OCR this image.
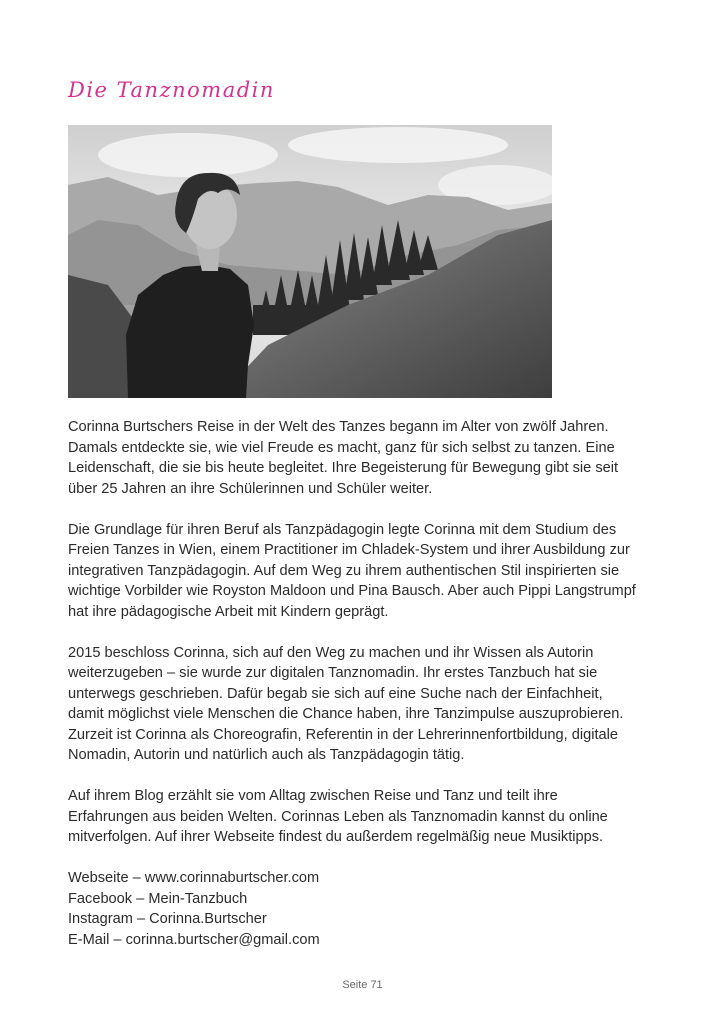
Die Tanznomadin

Corinna Burtschers Reise in der Welt des Tanzes begann im Alter von zwölf Jahren.
Damals entdeckte sie, wie viel Freude es macht, ganz für sich selbst zu tanzen. Eine
Leidenschaft, die sie bis heute begleitet. Ihre Begeisterung für Bewegung gibt sie seit
über 25 Jahren an ihre Schülerinnen und Schüler weiter.

Die Grundlage für ihren Beruf als Tanzpädagogin legte Corinna mit dem Studium des
Freien Tanzes in Wien, einem Practitioner im Chladek-System und ihrer Ausbildung zur
integrativen Tanzpädagogin. Auf dem Weg zu ihrem authentischen Stil inspirierten sie
wichtige Vorbilder wie Royston Maldoon und Pina Bausch. Aber auch Pippi Langstrumpf
hat ihre pädagogische Arbeit mit Kindern geprägt.

2015 beschloss Corinna, sich auf den Weg zu machen und ihr Wissen als Autorin
weiterzugeben – sie wurde zur digitalen Tanznomadin. Ihr erstes Tanzbuch hat sie
unterwegs geschrieben. Dafür begab sie sich auf eine Suche nach der Einfachheit,
damit möglichst viele Menschen die Chance haben, ihre Tanzimpulse auszuprobieren.
Zurzeit ist Corinna als Choreografin, Referentin in der Lehrerinnenfortbildung, digitale
Nomadin, Autorin und natürlich auch als Tanzpädagogin tätig.

Auf ihrem Blog erzählt sie vom Alltag zwischen Reise und Tanz und teilt ihre
Erfahrungen aus beiden Welten. Corinnas Leben als Tanznomadin kannst du online
mitverfolgen. Auf ihrer Webseite findest du außerdem regelmäßig neue Musiktipps.

Webseite – www.corinnaburtscher.com
Facebook – Mein-Tanzbuch
Instagram – Corinna.Burtscher
E-Mail – corinna.burtscher@gmail.com
Seite 71
